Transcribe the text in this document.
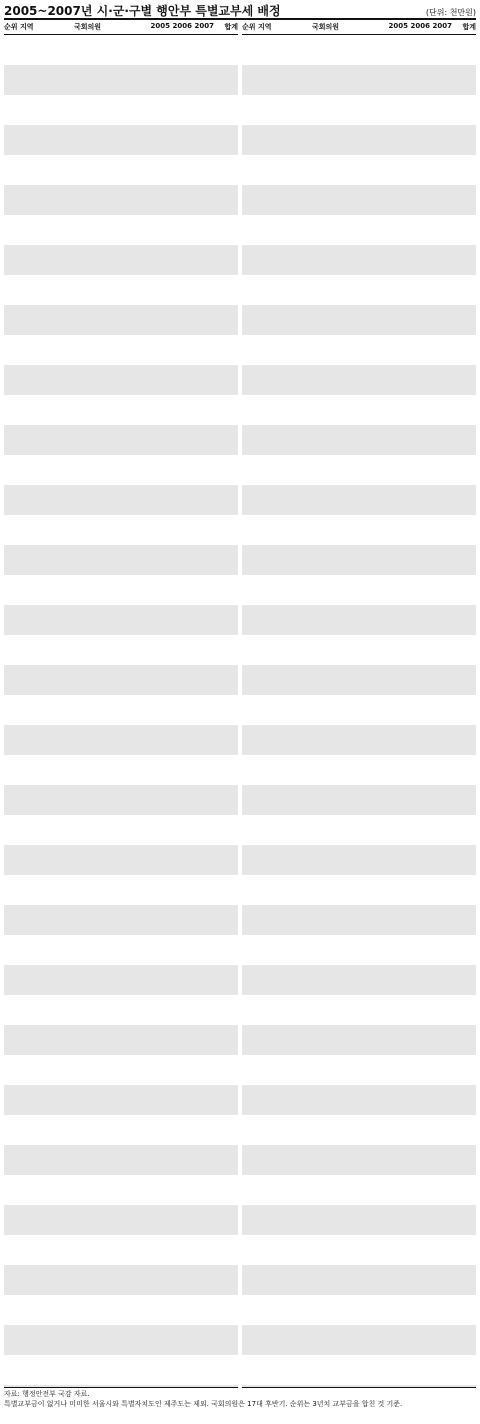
2005~2007년 시·군·구별 행안부 특별교부세 배정	(단위: 천만원)
순위 지역	국회의원	2005 2006 2007	합계 순위 지역	국회의원	2005 2006 2007	합계
자료: 행정안전부 국감 자료.
특별교부금이 없거나 미미한 서울시와 특별자치도인 제주도는 제외. 국회의원은 17대 후반기. 순위는 3년치 교부금을 합친 것 기준.
